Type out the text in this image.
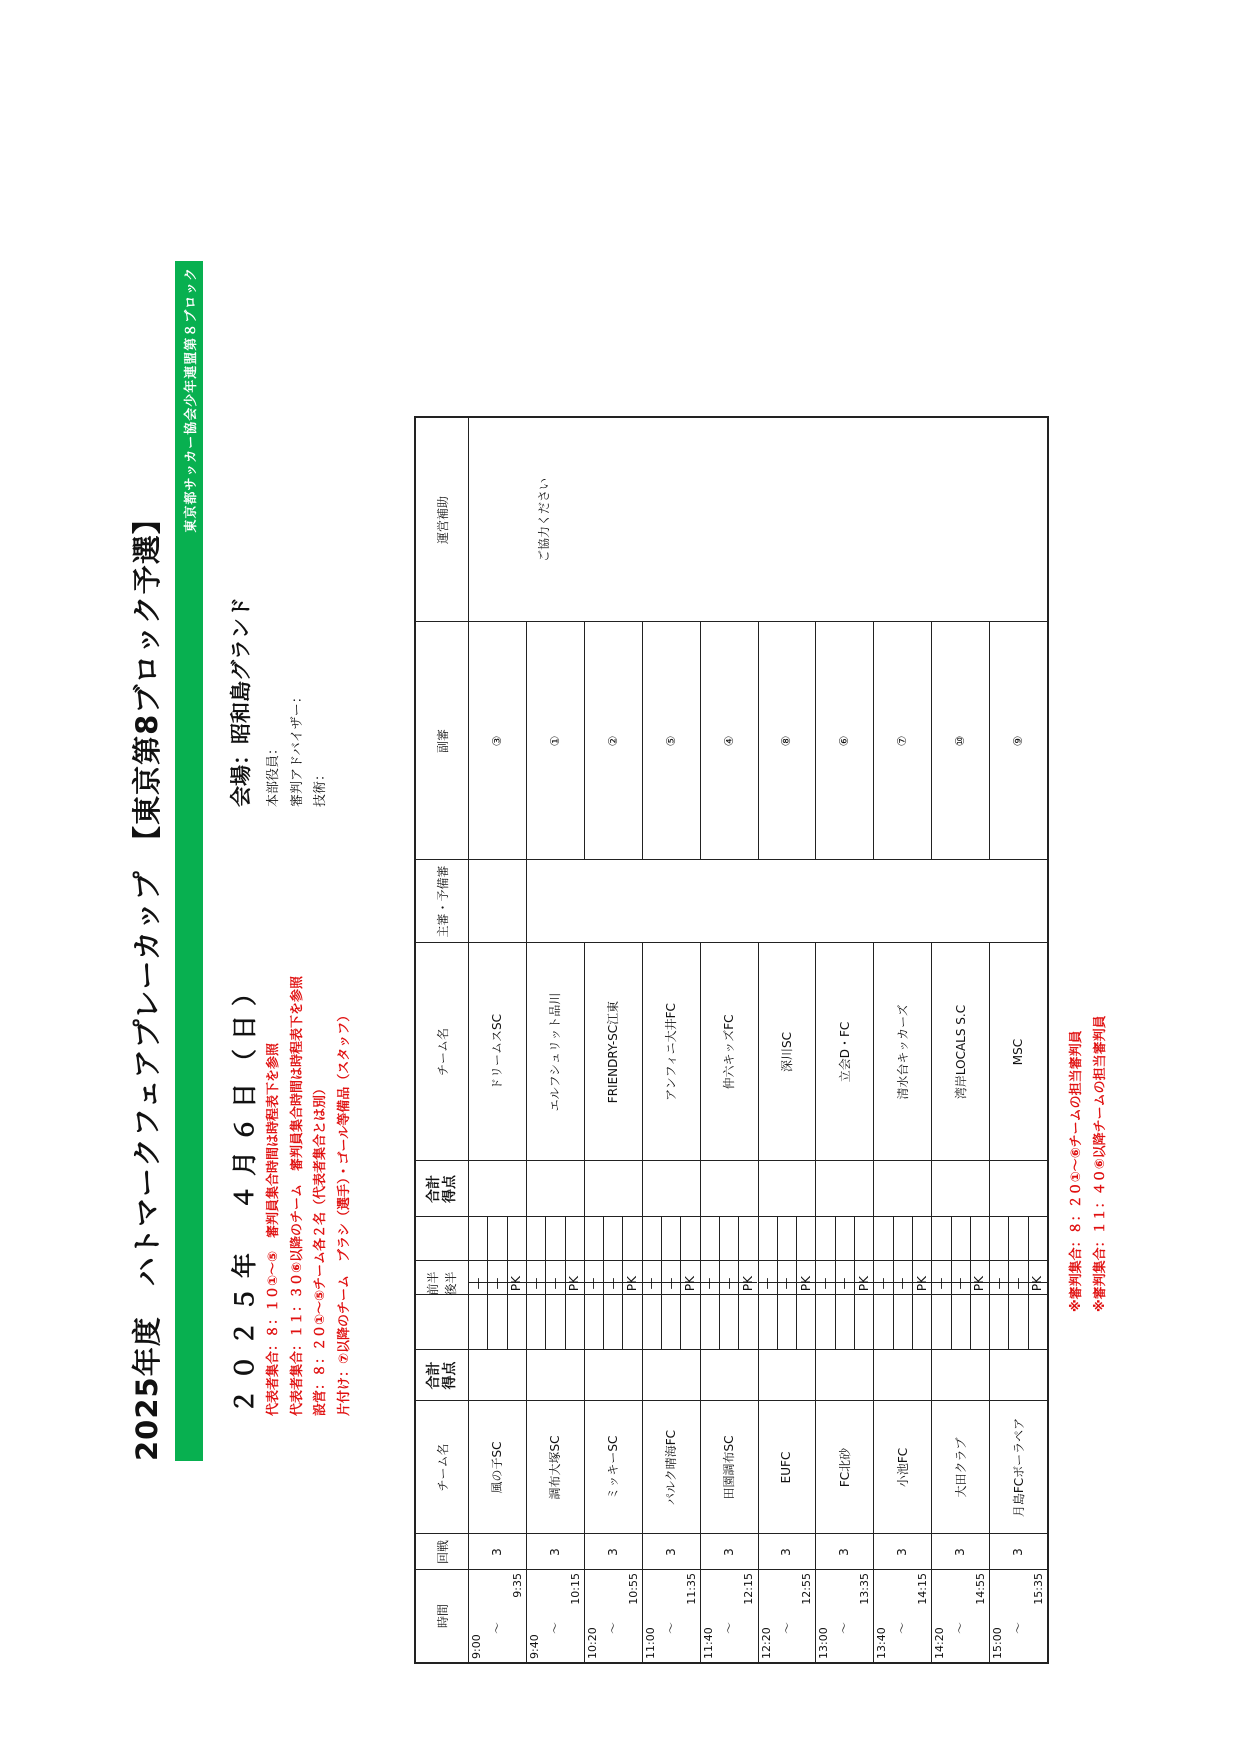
2025年度　ハトマークフェアプレーカップ　【東京第8ブロック予選】
東京都サッカー協会少年連盟第８ブロック
２０２５年　４月６日（日） 代表者集合：８：１０①〜⑤　審判員集合時間は時程表下を参照 代表者集合：１１：３０⑥以降のチーム　審判員集合時間は時程表下を参照 設営：８：２０①〜⑤チーム各２名（代表者集合とは別） 片付け：⑦以降のチーム　ブラシ（選手）・ゴール等備品（スタッフ）
会場：昭和島グランド	本部役員： 審判アドバイザー： 技術：
時間
回戦
チーム名
合計 得点
前半 後半
合計 得点
チーム名
主審・予備審
副審
運営補助
9:00
〜
9:35
3
風の子SC
— — PK
ドリームスSC
③
9:40
〜
10:15
3
調布大塚SC
— — PK
エルフシュリット品川
①
10:20 〜
10:55
3
ミッキーSC
— — PK
FRIENDRY-SC江東
②
11:00 〜
11:35
3
パルク晴海FC
— — PK
アンフィニ大井FC
⑤
11:40 〜
12:15
3
田園調布SC
— — PK
仲六キッズFC
④
12:20 〜
12:55
3
EUFC
— — PK
深川SC
⑧
13:00 〜
13:35
3
FC北砂
— — PK
立会D・FC
⑥
13:40 〜
14:15
3
小池FC
— — PK
清水台キッカーズ
⑦
14:20 〜
14:55
3
大田クラブ
— — PK
湾岸LOCALS S.C
⑩
15:00 〜
15:35
3
月島FCボーラペア
— — PK
MSC
⑨
ご協力ください
※審判集合：８：２０①〜⑥チームの担当審判員 ※審判集合：１１：４０⑥以降チームの担当審判員
